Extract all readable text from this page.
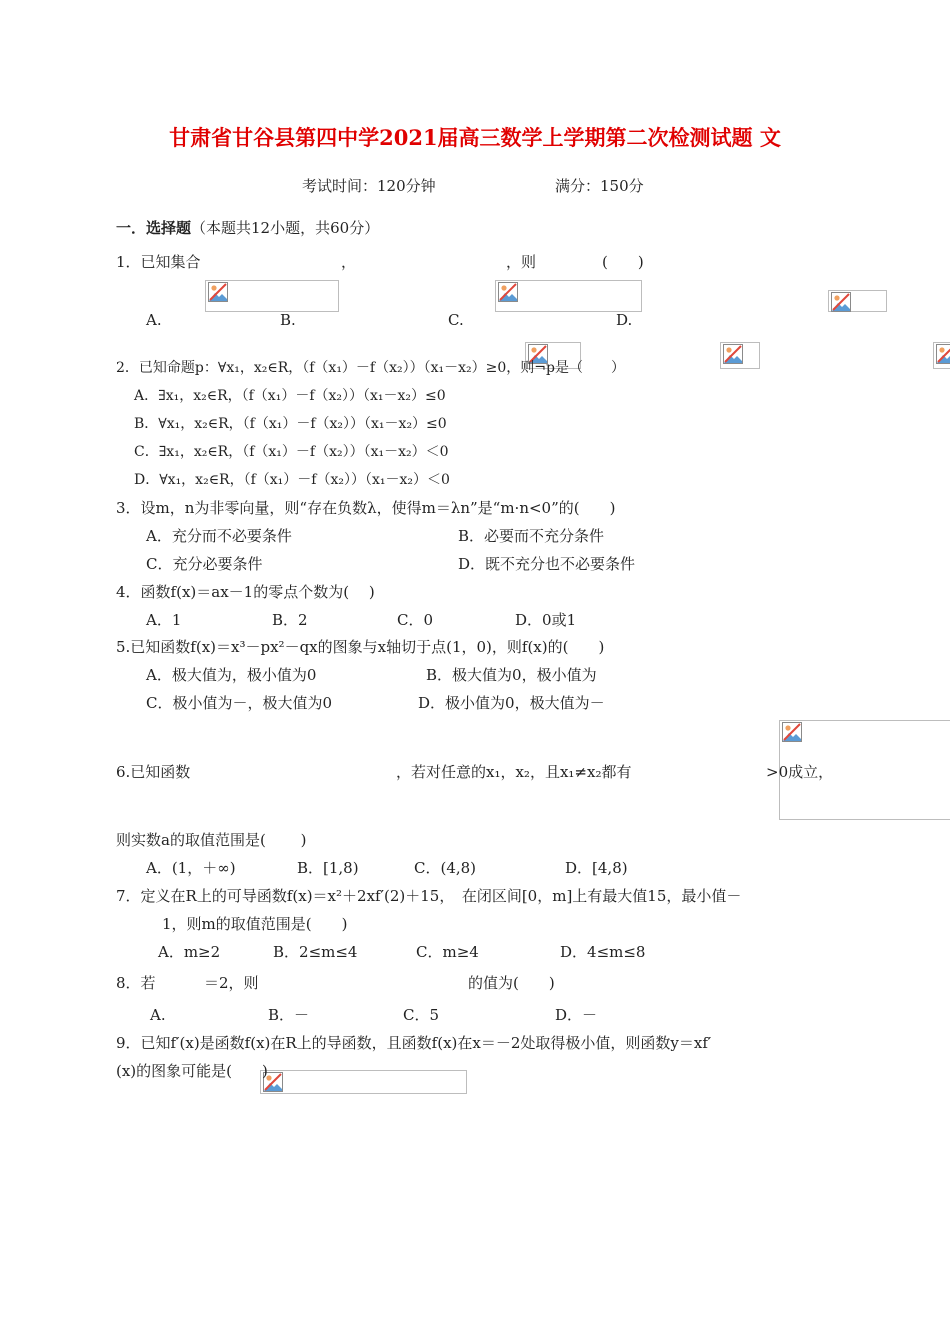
甘肃省甘谷县第四中学2021届高三数学上学期第二次检测试题 文
考试时间：120分钟	满分：150分
一．选择题（本题共12小题，共60分）
1．已知集合
	，
	，则
	(　　)
A.
	B.
	C.
	D.

2．已知命题p：∀x₁，x₂∈R，（f（x₁）－f（x₂））（x₁－x₂）≥0，则¬p是（　　）
A．∃x₁，x₂∈R，（f（x₁）－f（x₂））（x₁－x₂）≤0
B．∀x₁，x₂∈R，（f（x₁）－f（x₂））（x₁－x₂）≤0
C．∃x₁，x₂∈R，（f（x₁）－f（x₂））（x₁－x₂）＜0
D．∀x₁，x₂∈R，（f（x₁）－f（x₂））（x₁－x₂）＜0
3．设m，n为非零向量，则“存在负数λ，使得m＝λn”是“m·n<0”的(　　)
A．充分而不必要条件	B．必要而不充分条件
C．充分必要条件	D．既不充分也不必要条件
4．函数f(x)＝ax－1的零点个数为(　 )
A．1	B．2	C．0	D．0或1
5.已知函数f(x)＝x³－px²－qx的图象与x轴切于点(1，0)，则f(x)的(　　)
A．极大值为，极小值为0	B．极大值为0，极小值为
C．极小值为－，极大值为0	D．极小值为0，极大值为－
6.已知函数
	，若对任意的x₁，x₂，且x₁≠x₂都有
	>0成立，
则实数a的取值范围是(　　 )
A．(1，＋∞)	B．[1,8)	C．(4,8)	D．[4,8)
7．定义在R上的可导函数f(x)＝x²＋2xf′(2)＋15，　在闭区间[0，m]上有最大值15，最小值－
1，则m的取值范围是(　　)
A．m≥2	B．2≤m≤4	C．m≥4	D．4≤m≤8
8．若
	＝2，则	的值为(　　)
A.	B．－	C．5	D．－
9．已知f′(x)是函数f(x)在R上的导函数，且函数f(x)在x＝－2处取得极小值，则函数y＝xf′
(x)的图象可能是(　　)
